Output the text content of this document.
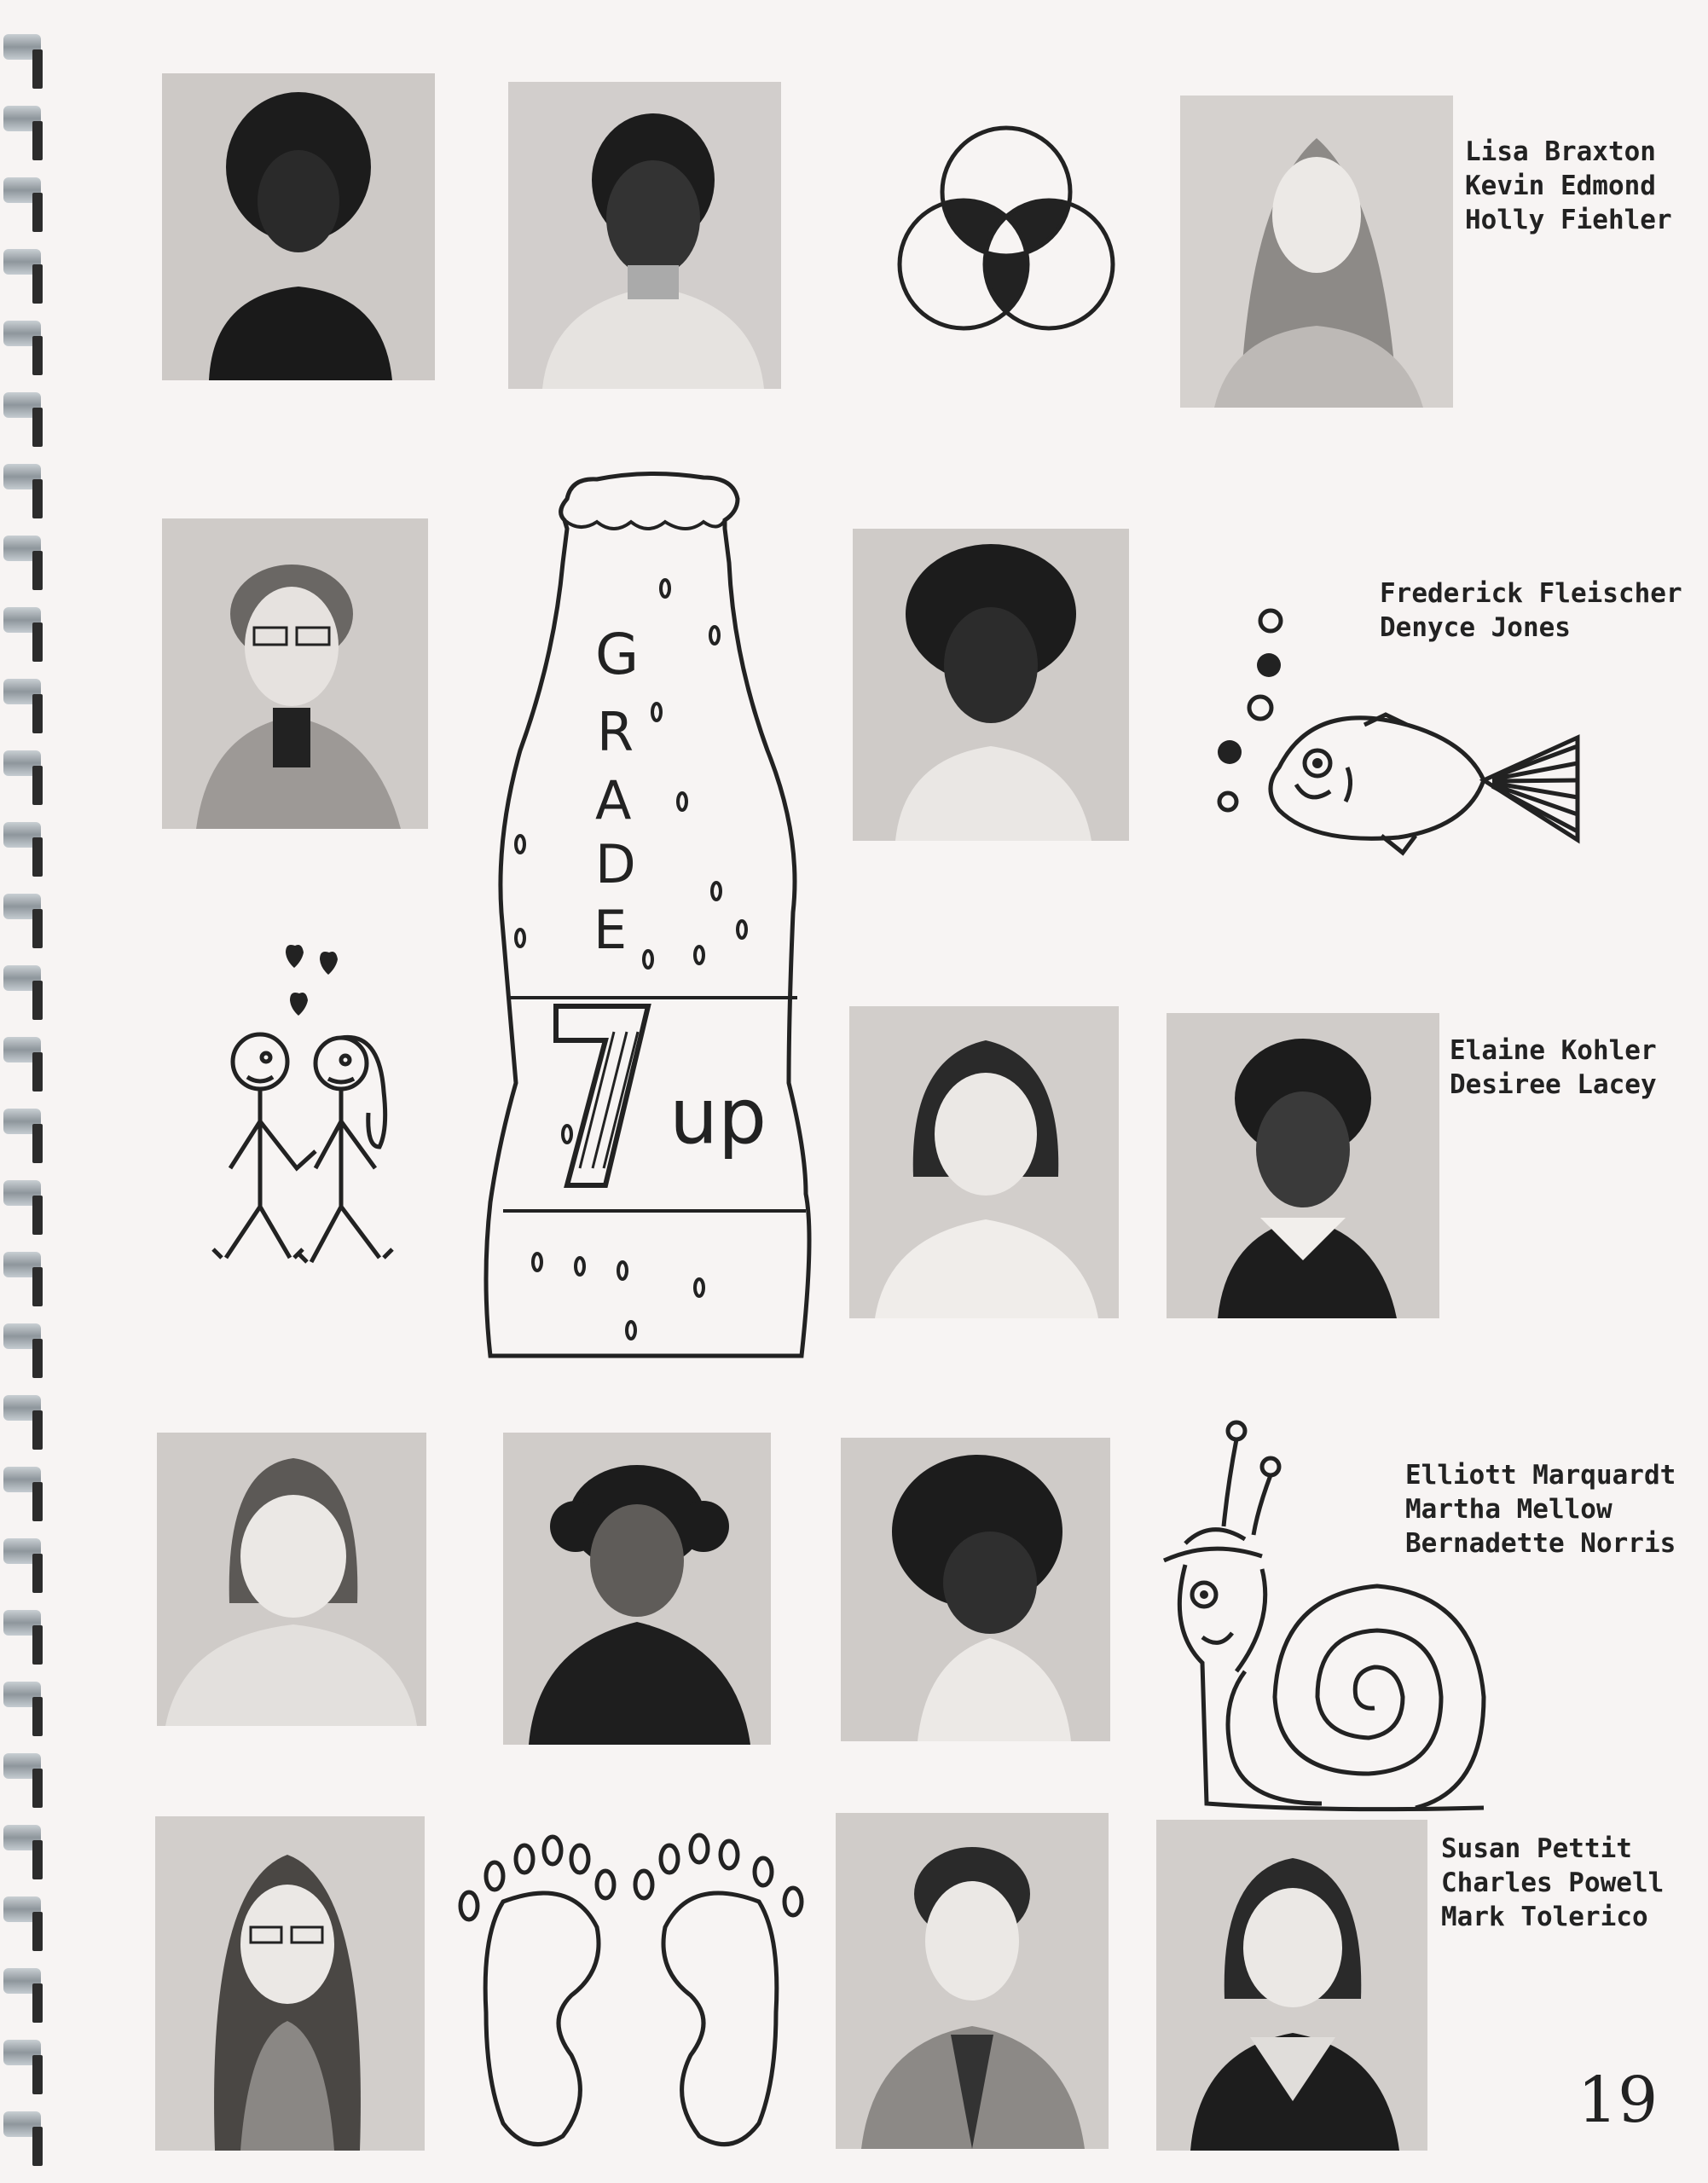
Lisa Braxton
Kevin Edmond
Holly Fiehler
G
R
A
D
E
up
Frederick Fleischer
Denyce Jones
Elaine Kohler
Desiree Lacey
Elliott Marquardt
Martha Mellow
Bernadette Norris
Susan Pettit
Charles Powell
Mark Tolerico
19
